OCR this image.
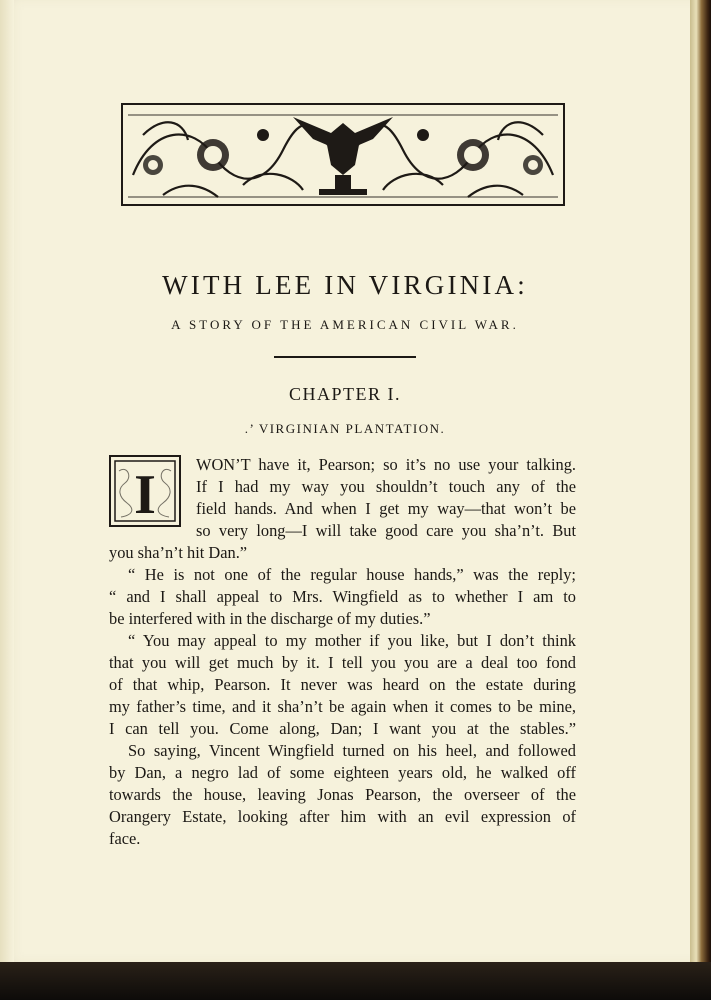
WITH LEE IN VIRGINIA:
A STORY OF THE AMERICAN CIVIL WAR.
CHAPTER I.
.’ VIRGINIAN PLANTATION.
I WON’T have it, Pearson; so it’s no use your talking.

If I had my way you shouldn’t touch any of the

field hands. And when I get my way—that won’t be

so very long—I will take good care you sha’n’t. But

you sha’n’t hit Dan.”

“ He is not one of the regular house hands,” was the reply;

“ and I shall appeal to Mrs. Wingfield as to whether I am to

be interfered with in the discharge of my duties.”

“ You may appeal to my mother if you like, but I don’t think

that you will get much by it. I tell you you are a deal too fond

of that whip, Pearson. It never was heard on the estate during

my father’s time, and it sha’n’t be again when it comes to be mine,

I can tell you. Come along, Dan; I want you at the stables.”

So saying, Vincent Wingfield turned on his heel, and followed

by Dan, a negro lad of some eighteen years old, he walked off

towards the house, leaving Jonas Pearson, the overseer of the

Orangery Estate, looking after him with an evil expression of

face.
